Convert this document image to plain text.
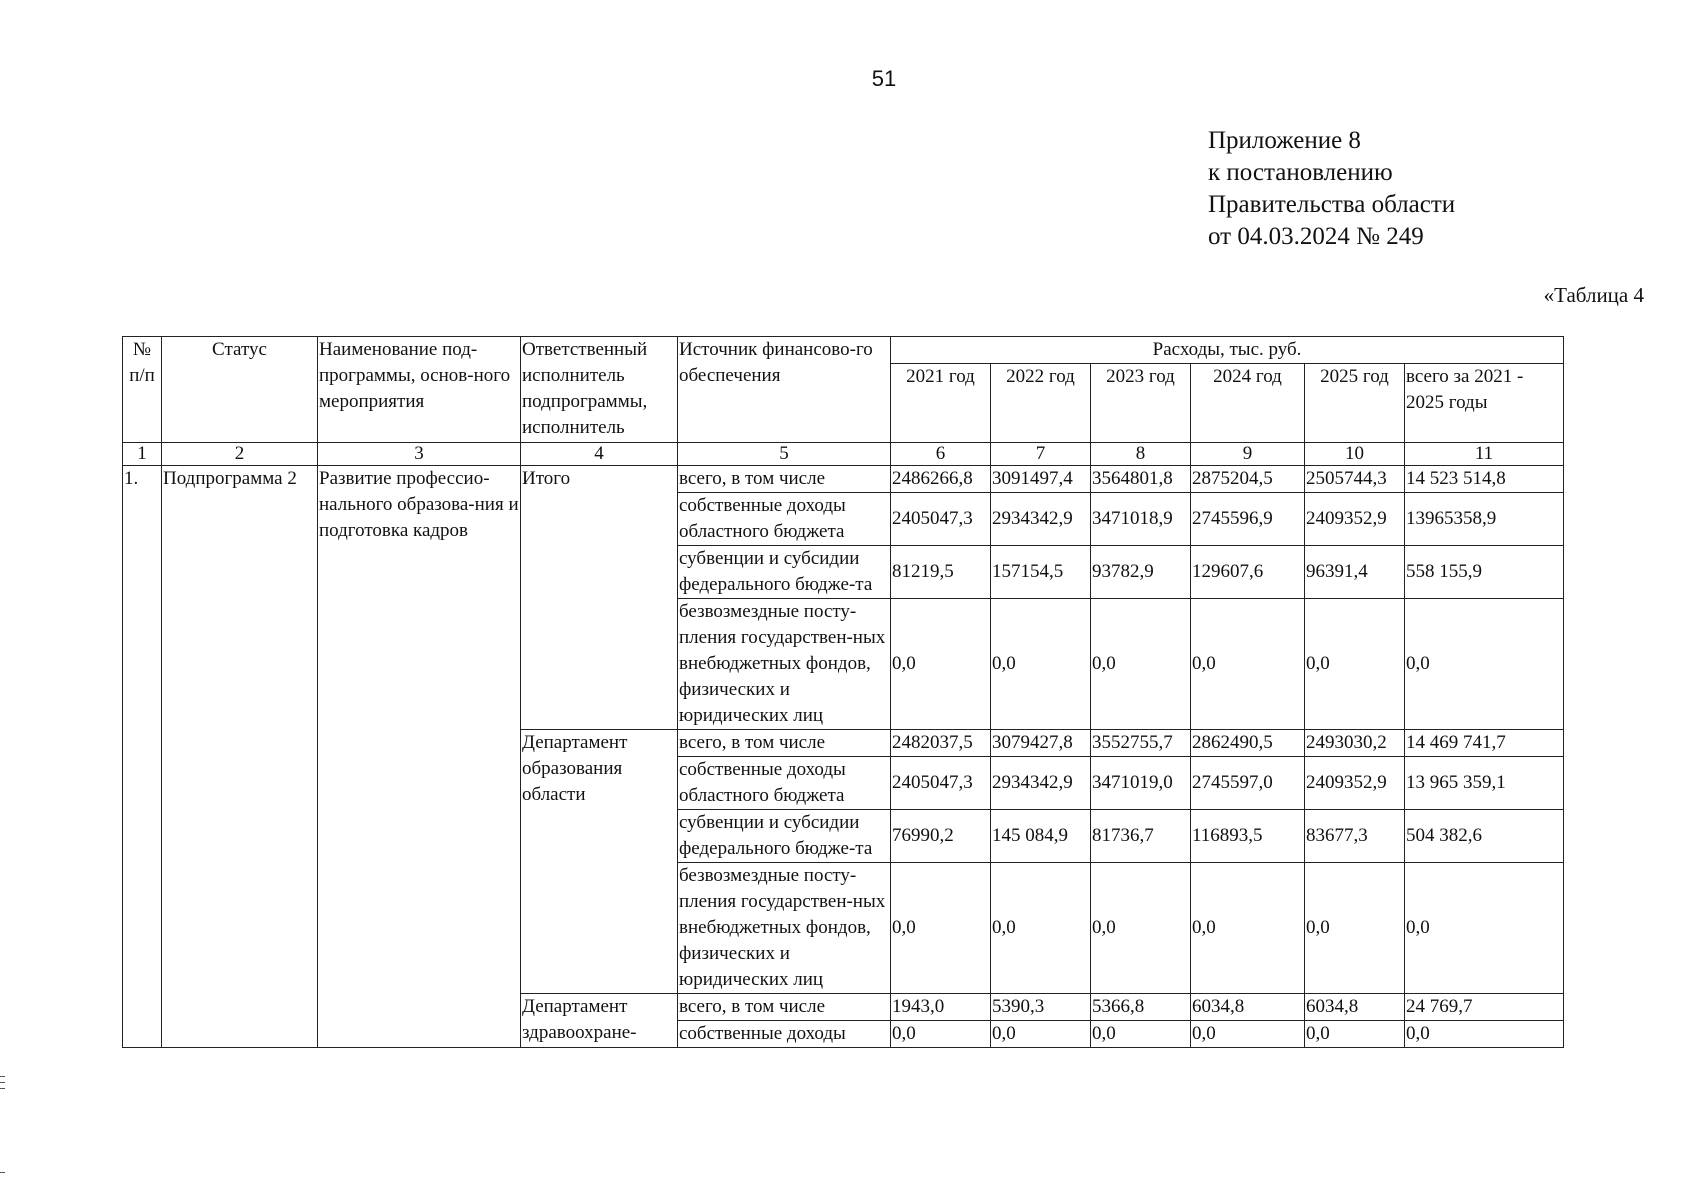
51
Приложение 8
к постановлению
Правительства области
от 04.03.2024 № 249
«Таблица 4
№ п/п	Статус	Наименование под-программы, основ-ного мероприятия	Ответственный исполнитель подпрограммы, исполнитель	Источник финансово-го обеспечения	Расходы, тыс. руб.					
					2021 год	2022 год	2023 год	2024 год	2025 год	всего за 2021 - 2025 годы
1	2	3	4	5	6	7	8	9	10	11
1.	Подпрограмма 2	Развитие профессио-нального образова-ния и подготовка кадров	Итого	всего, в том числе	2486266,8	3091497,4	3564801,8	2875204,5	2505744,3	14 523 514,8
				собственные доходы областного бюджета	2405047,3	2934342,9	3471018,9	2745596,9	2409352,9	13965358,9
				субвенции и субсидии федерального бюдже-та	81219,5	157154,5	93782,9	129607,6	96391,4	558 155,9
				безвозмездные посту-пления государствен-ных внебюджетных фондов, физических и юридических лиц	0,0	0,0	0,0	0,0	0,0	0,0
			Департамент образования области	всего, в том числе	2482037,5	3079427,8	3552755,7	2862490,5	2493030,2	14 469 741,7
				собственные доходы областного бюджета	2405047,3	2934342,9	3471019,0	2745597,0	2409352,9	13 965 359,1
				субвенции и субсидии федерального бюдже-та	76990,2	145 084,9	81736,7	116893,5	83677,3	504 382,6
				безвозмездные посту-пления государствен-ных внебюджетных фондов, физических и юридических лиц	0,0	0,0	0,0	0,0	0,0	0,0
			Департамент здравоохране-	всего, в том числе	1943,0	5390,3	5366,8	6034,8	6034,8	24 769,7
				собственные доходы	0,0	0,0	0,0	0,0	0,0	0,0
